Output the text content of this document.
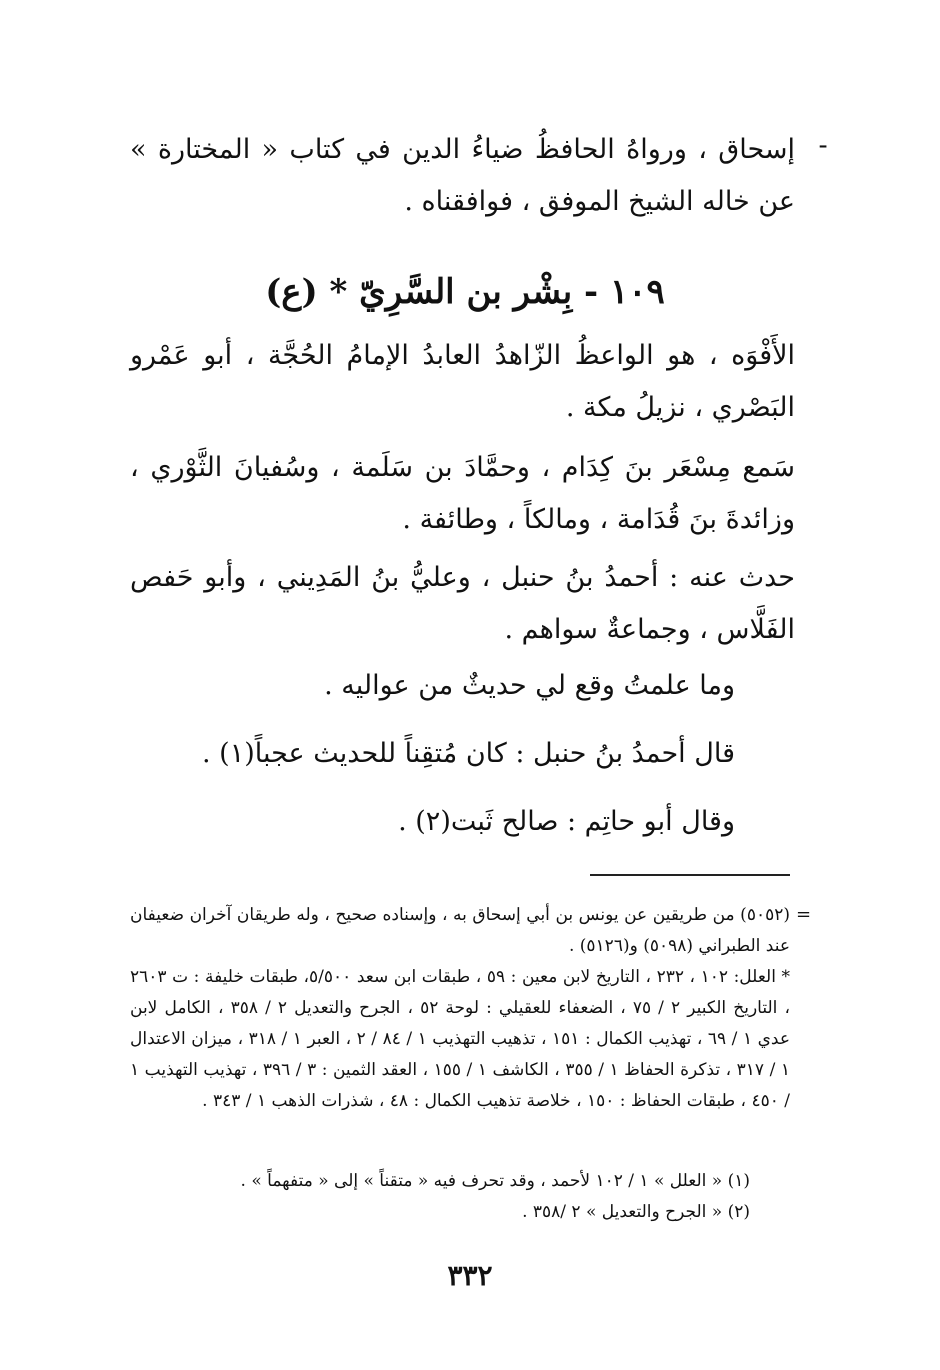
-
إسحاق ، ورواهُ الحافظُ ضياءُ الدين في كتاب « المختارة » عن خاله الشيخ الموفق ، فوافقناه .
١٠٩ - بِشْر بن السَّرِيّ * (ع)
الأَفْوَه ، هو الواعظُ الزّاهدُ العابدُ الإمامُ الحُجَّة ، أبو عَمْرو البَصْري ، نزيلُ مكة .
سَمع مِسْعَر بنَ كِدَام ، وحمَّادَ بن سَلَمة ، وسُفيانَ الثَّوْري ، وزائدةَ بنَ قُدَامة ، ومالكاً ، وطائفة .
حدث عنه : أحمدُ بنُ حنبل ، وعليُّ بنُ المَدِيني ، وأبو حَفص الفَلَّاس ، وجماعةٌ سواهم .
وما علمتُ وقع لي حديثٌ من عواليه .
قال أحمدُ بنُ حنبل : كان مُتقِناً للحديث عجباً(١) .
وقال أبو حاتِم : صالح ثَبت(٢) .
=
(٥٠٥٢) من طريقين عن يونس بن أبي إسحاق به ، وإسناده صحيح ، وله طريقان آخران ضعيفان عند الطبراني (٥٠٩٨) و(٥١٢٦) .
* العلل: ١٠٢ ، ٢٣٢ ، التاريخ لابن معين : ٥٩ ، طبقات ابن سعد ٥/٥٠٠، طبقات خليفة : ت ٢٦٠٣ ، التاريخ الكبير ٢ / ٧٥ ، الضعفاء للعقيلي : لوحة ٥٢ ، الجرح والتعديل ٢ / ٣٥٨ ، الكامل لابن عدي ١ / ٦٩ ، تهذيب الكمال : ١٥١ ، تذهيب التهذيب ١ / ٨٤ / ٢ ، العبر ١ / ٣١٨ ، ميزان الاعتدال ١ / ٣١٧ ، تذكرة الحفاظ ١ / ٣٥٥ ، الكاشف ١ / ١٥٥ ، العقد الثمين : ٣ / ٣٩٦ ، تهذيب التهذيب ١ / ٤٥٠ ، طبقات الحفاظ : ١٥٠ ، خلاصة تذهيب الكمال : ٤٨ ، شذرات الذهب ١ / ٣٤٣ .
(١) « العلل » ١ / ١٠٢ لأحمد ، وقد تحرف فيه « متقناً » إلى « متفهماً » .
(٢) « الجرح والتعديل » ٢ /٣٥٨ .
٣٣٢
